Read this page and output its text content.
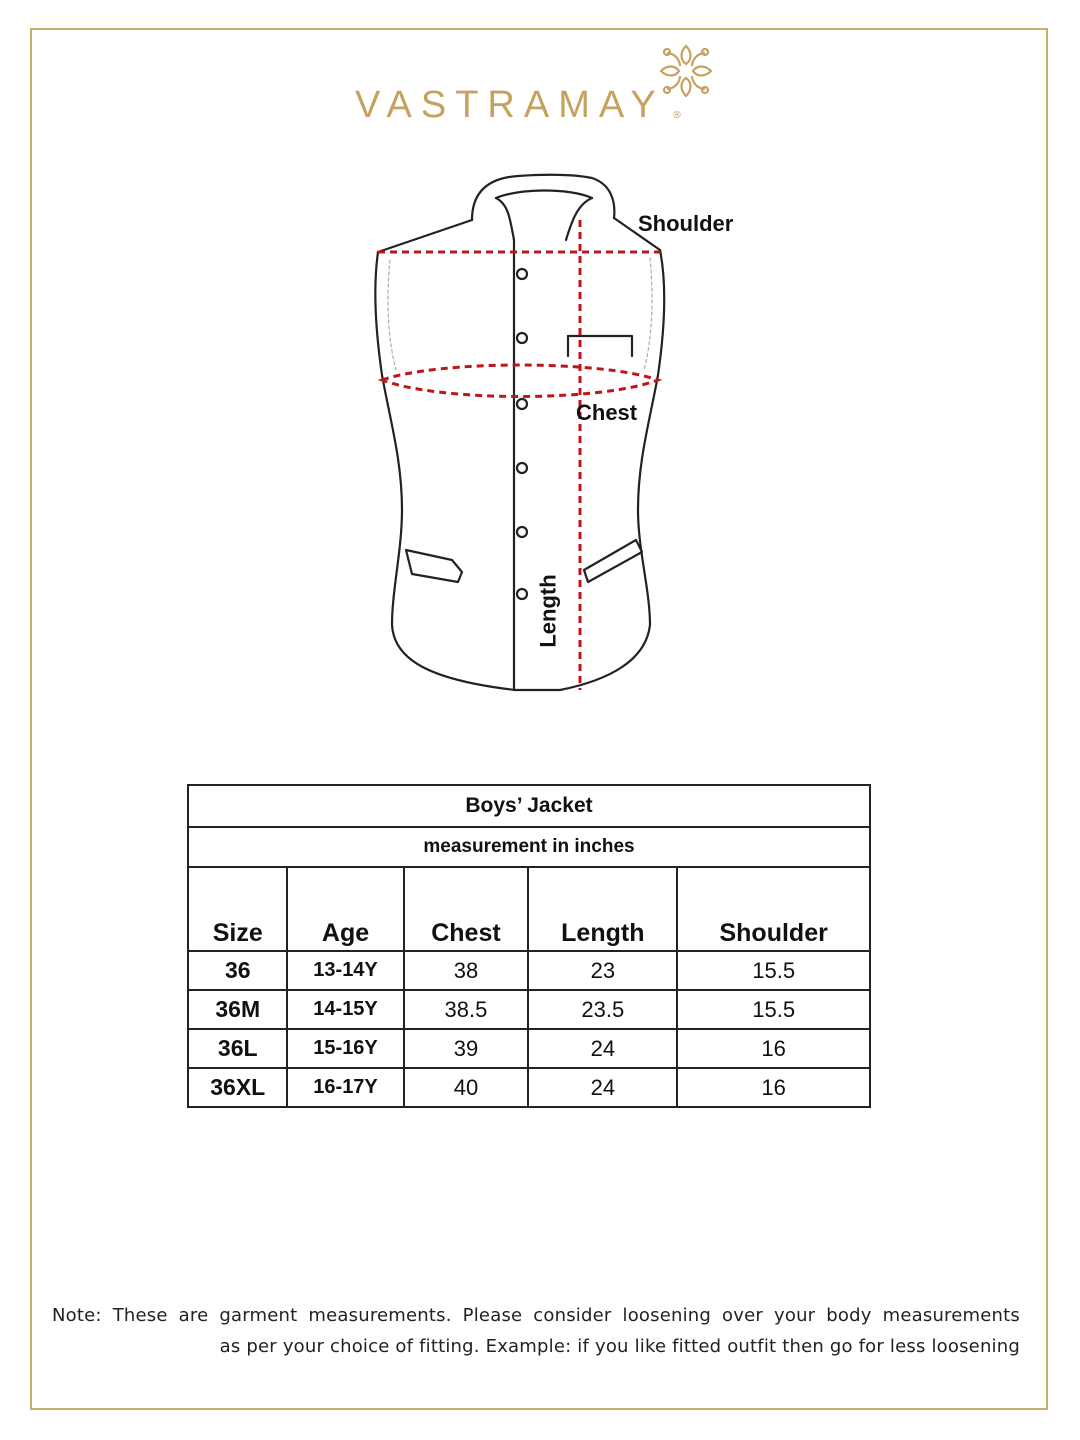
VASTRAMAY ®
Shoulder
Chest
Length
Boys’ Jacket				
measurement in inches				
Size	Age	Chest	Length	Shoulder
36	13-14Y	38	23	15.5
36M	14-15Y	38.5	23.5	15.5
36L	15-16Y	39	24	16
36XL	16-17Y	40	24	16
Note: These are garment measurements. Please consider loosening over your body measurements
as per your choice of fitting. Example: if you like fitted outfit then go for less loosening
